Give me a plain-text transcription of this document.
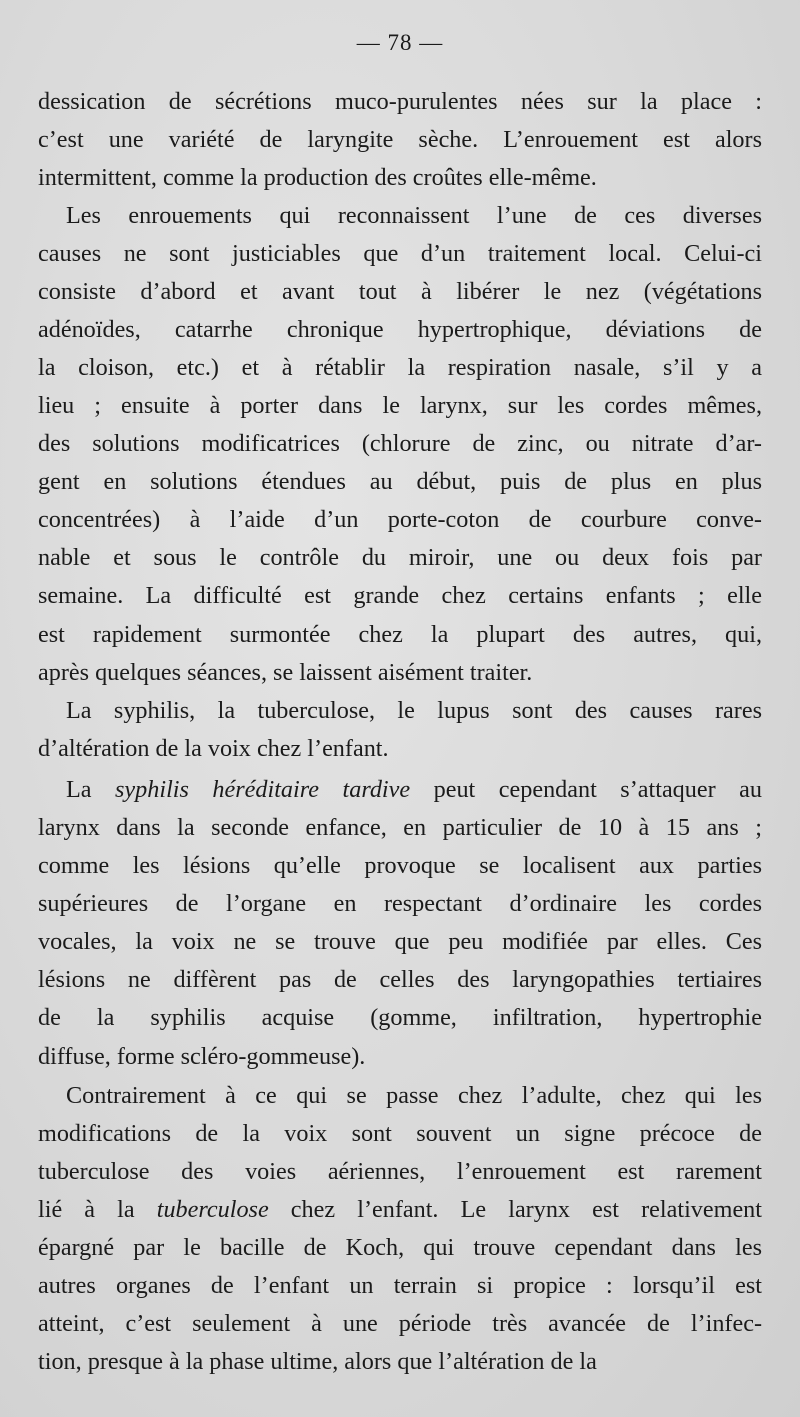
— 78 —
dessication de sécrétions muco-purulentes nées sur la place :
c’est une variété de laryngite sèche. L’enrouement est alors
intermittent, comme la production des croûtes elle-même.
Les enrouements qui reconnaissent l’une de ces diverses
causes ne sont justiciables que d’un traitement local. Celui-ci
consiste d’abord et avant tout à libérer le nez (végétations
adénoïdes, catarrhe chronique hypertrophique, déviations de
la cloison, etc.) et à rétablir la respiration nasale, s’il y a
lieu ; ensuite à porter dans le larynx, sur les cordes mêmes,
des solutions modificatrices (chlorure de zinc, ou nitrate d’ar-
gent en solutions étendues au début, puis de plus en plus
concentrées) à l’aide d’un porte-coton de courbure conve-
nable et sous le contrôle du miroir, une ou deux fois par
semaine. La difficulté est grande chez certains enfants ; elle
est rapidement surmontée chez la plupart des autres, qui,
après quelques séances, se laissent aisément traiter.
La syphilis, la tuberculose, le lupus sont des causes rares
d’altération de la voix chez l’enfant.
La syphilis héréditaire tardive peut cependant s’attaquer au
larynx dans la seconde enfance, en particulier de 10 à 15 ans ;
comme les lésions qu’elle provoque se localisent aux parties
supérieures de l’organe en respectant d’ordinaire les cordes
vocales, la voix ne se trouve que peu modifiée par elles. Ces
lésions ne diffèrent pas de celles des laryngopathies tertiaires
de la syphilis acquise (gomme, infiltration, hypertrophie
diffuse, forme scléro-gommeuse).
Contrairement à ce qui se passe chez l’adulte, chez qui les
modifications de la voix sont souvent un signe précoce de
tuberculose des voies aériennes, l’enrouement est rarement
lié à la tuberculose chez l’enfant. Le larynx est relativement
épargné par le bacille de Koch, qui trouve cependant dans les
autres organes de l’enfant un terrain si propice : lorsqu’il est
atteint, c’est seulement à une période très avancée de l’infec-
tion, presque à la phase ultime, alors que l’altération de la
